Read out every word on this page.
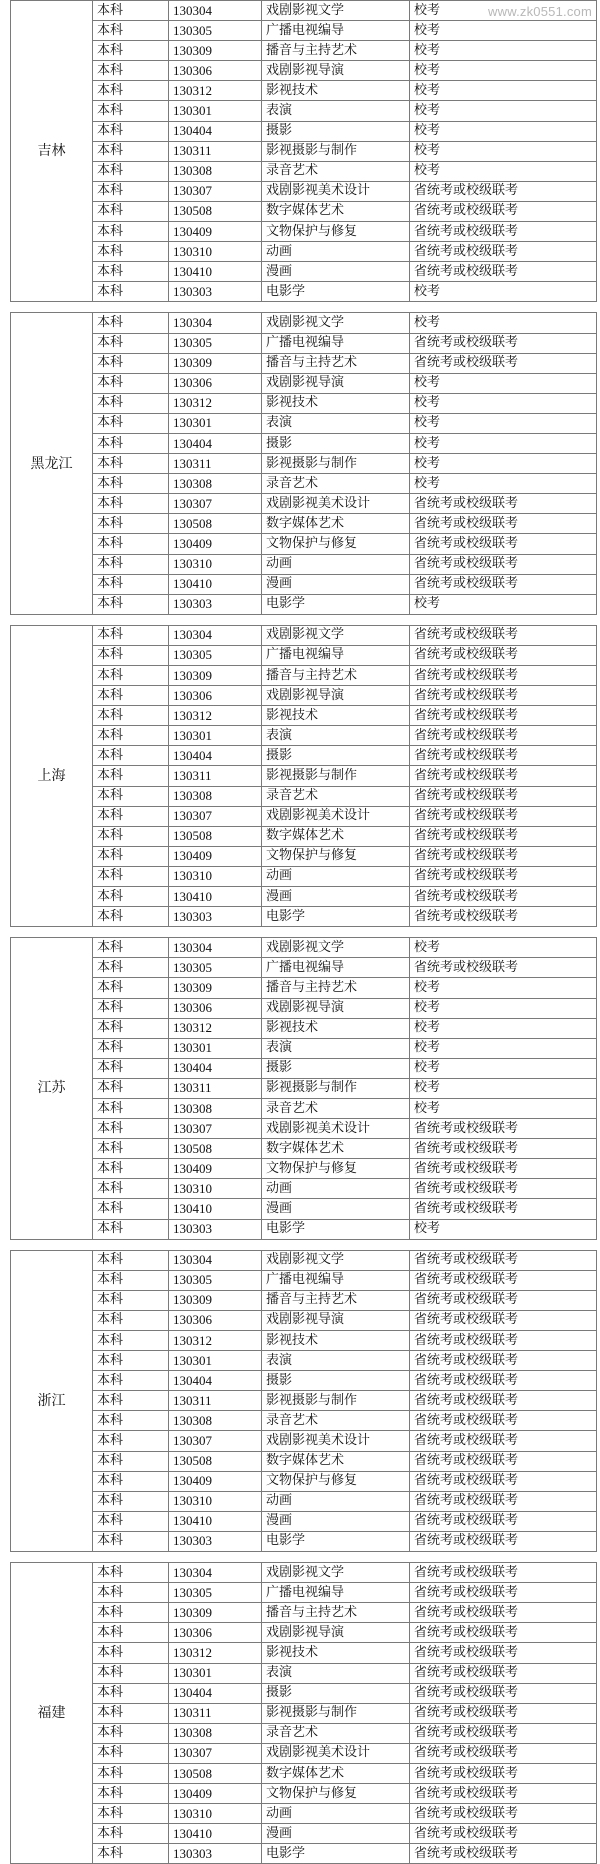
www.zk0551.com
吉林	本科	130304	戏剧影视文学	校考
	本科	130305	广播电视编导	校考
	本科	130309	播音与主持艺术	校考
	本科	130306	戏剧影视导演	校考
	本科	130312	影视技术	校考
	本科	130301	表演	校考
	本科	130404	摄影	校考
	本科	130311	影视摄影与制作	校考
	本科	130308	录音艺术	校考
	本科	130307	戏剧影视美术设计	省统考或校级联考
	本科	130508	数字媒体艺术	省统考或校级联考
	本科	130409	文物保护与修复	省统考或校级联考
	本科	130310	动画	省统考或校级联考
	本科	130410	漫画	省统考或校级联考
	本科	130303	电影学	校考
黑龙江	本科	130304	戏剧影视文学	校考
	本科	130305	广播电视编导	省统考或校级联考
	本科	130309	播音与主持艺术	省统考或校级联考
	本科	130306	戏剧影视导演	校考
	本科	130312	影视技术	校考
	本科	130301	表演	校考
	本科	130404	摄影	校考
	本科	130311	影视摄影与制作	校考
	本科	130308	录音艺术	校考
	本科	130307	戏剧影视美术设计	省统考或校级联考
	本科	130508	数字媒体艺术	省统考或校级联考
	本科	130409	文物保护与修复	省统考或校级联考
	本科	130310	动画	省统考或校级联考
	本科	130410	漫画	省统考或校级联考
	本科	130303	电影学	校考
上海	本科	130304	戏剧影视文学	省统考或校级联考
	本科	130305	广播电视编导	省统考或校级联考
	本科	130309	播音与主持艺术	省统考或校级联考
	本科	130306	戏剧影视导演	省统考或校级联考
	本科	130312	影视技术	省统考或校级联考
	本科	130301	表演	省统考或校级联考
	本科	130404	摄影	省统考或校级联考
	本科	130311	影视摄影与制作	省统考或校级联考
	本科	130308	录音艺术	省统考或校级联考
	本科	130307	戏剧影视美术设计	省统考或校级联考
	本科	130508	数字媒体艺术	省统考或校级联考
	本科	130409	文物保护与修复	省统考或校级联考
	本科	130310	动画	省统考或校级联考
	本科	130410	漫画	省统考或校级联考
	本科	130303	电影学	省统考或校级联考
江苏	本科	130304	戏剧影视文学	校考
	本科	130305	广播电视编导	省统考或校级联考
	本科	130309	播音与主持艺术	校考
	本科	130306	戏剧影视导演	校考
	本科	130312	影视技术	校考
	本科	130301	表演	校考
	本科	130404	摄影	校考
	本科	130311	影视摄影与制作	校考
	本科	130308	录音艺术	校考
	本科	130307	戏剧影视美术设计	省统考或校级联考
	本科	130508	数字媒体艺术	省统考或校级联考
	本科	130409	文物保护与修复	省统考或校级联考
	本科	130310	动画	省统考或校级联考
	本科	130410	漫画	省统考或校级联考
	本科	130303	电影学	校考
浙江	本科	130304	戏剧影视文学	省统考或校级联考
	本科	130305	广播电视编导	省统考或校级联考
	本科	130309	播音与主持艺术	省统考或校级联考
	本科	130306	戏剧影视导演	省统考或校级联考
	本科	130312	影视技术	省统考或校级联考
	本科	130301	表演	省统考或校级联考
	本科	130404	摄影	省统考或校级联考
	本科	130311	影视摄影与制作	省统考或校级联考
	本科	130308	录音艺术	省统考或校级联考
	本科	130307	戏剧影视美术设计	省统考或校级联考
	本科	130508	数字媒体艺术	省统考或校级联考
	本科	130409	文物保护与修复	省统考或校级联考
	本科	130310	动画	省统考或校级联考
	本科	130410	漫画	省统考或校级联考
	本科	130303	电影学	省统考或校级联考
福建	本科	130304	戏剧影视文学	省统考或校级联考
	本科	130305	广播电视编导	省统考或校级联考
	本科	130309	播音与主持艺术	省统考或校级联考
	本科	130306	戏剧影视导演	省统考或校级联考
	本科	130312	影视技术	省统考或校级联考
	本科	130301	表演	省统考或校级联考
	本科	130404	摄影	省统考或校级联考
	本科	130311	影视摄影与制作	省统考或校级联考
	本科	130308	录音艺术	省统考或校级联考
	本科	130307	戏剧影视美术设计	省统考或校级联考
	本科	130508	数字媒体艺术	省统考或校级联考
	本科	130409	文物保护与修复	省统考或校级联考
	本科	130310	动画	省统考或校级联考
	本科	130410	漫画	省统考或校级联考
	本科	130303	电影学	省统考或校级联考
